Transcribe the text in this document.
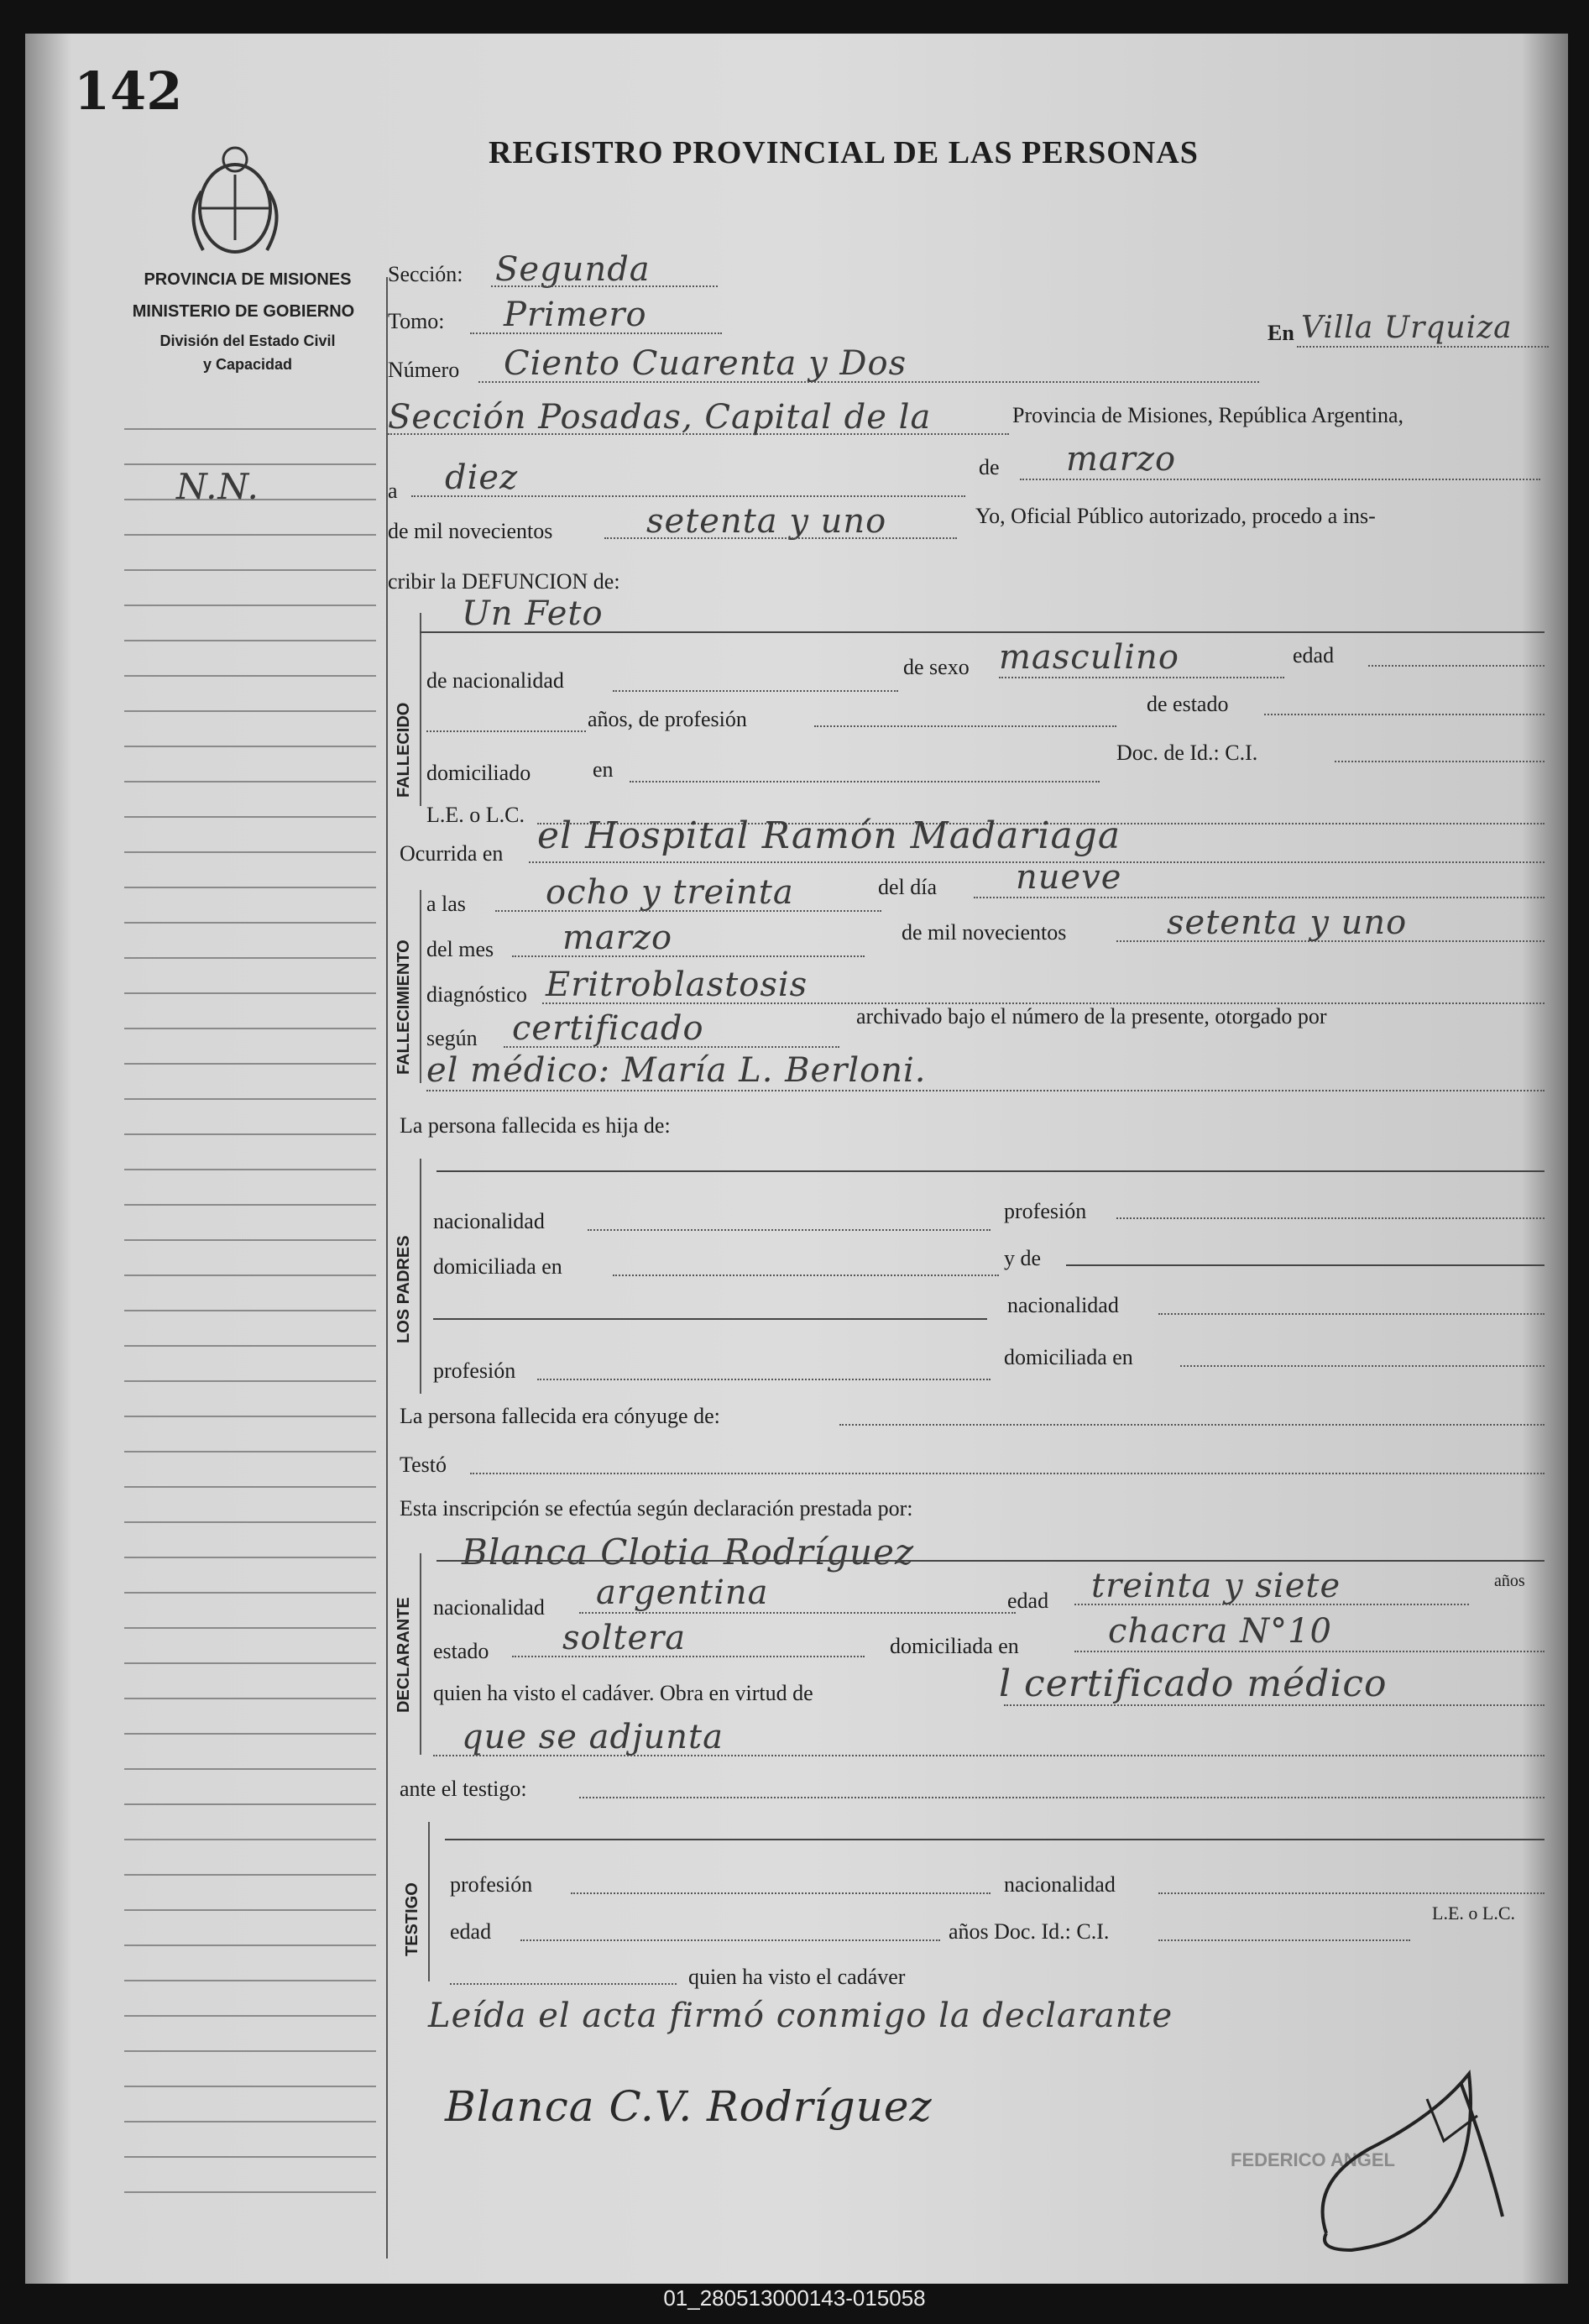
142
REGISTRO PROVINCIAL DE LAS PERSONAS
PROVINCIA DE MISIONES
MINISTERIO DE GOBIERNO
División del Estado Civil
y Capacidad
N.N.
Sección: Segunda
Tomo: Primero
Número Ciento Cuarenta y Dos
En Villa Urquiza
Sección Posadas, Capital de la	Provincia de Misiones, República Argentina,
a diez	de marzo
de mil novecientos	setenta y uno	Yo, Oficial Público autorizado, procedo a ins-
cribir la DEFUNCION de:
FALLECIDO
Un Feto
de nacionalidad
de sexo masculino	edad
años, de profesión
de estado
domiciliado	en
Doc. de Id.: C.I.
L.E. o L.C.
Ocurrida en el Hospital Ramón Madariaga
FALLECIMIENTO
a las ocho y treinta	del día nueve
del mes marzo	de mil novecientos	setenta y uno
diagnóstico Eritroblastosis
según certificado	archivado bajo el número de la presente, otorgado por
el médico: María L. Berloni.
La persona fallecida es hija de:
LOS PADRES
nacionalidad	profesión
domiciliada en	y de
nacionalidad
profesión
domiciliada en
La persona fallecida era cónyuge de:
Testó
Esta inscripción se efectúa según declaración prestada por:
DECLARANTE
Blanca Clotia Rodríguez
nacionalidad argentina	edad treinta y siete	años
estado soltera	domiciliada en	chacra N°10
quien ha visto el cadáver. Obra en virtud de	l certificado médico
que se adjunta
ante el testigo:
TESTIGO profesión	nacionalidad
edad	años Doc. Id.: C.I.
L.E. o L.C.
quien ha visto el cadáver
Leída el acta firmó conmigo la declarante
Blanca C.V. Rodríguez
FEDERICO ANGEL
01_280513000143-015058
